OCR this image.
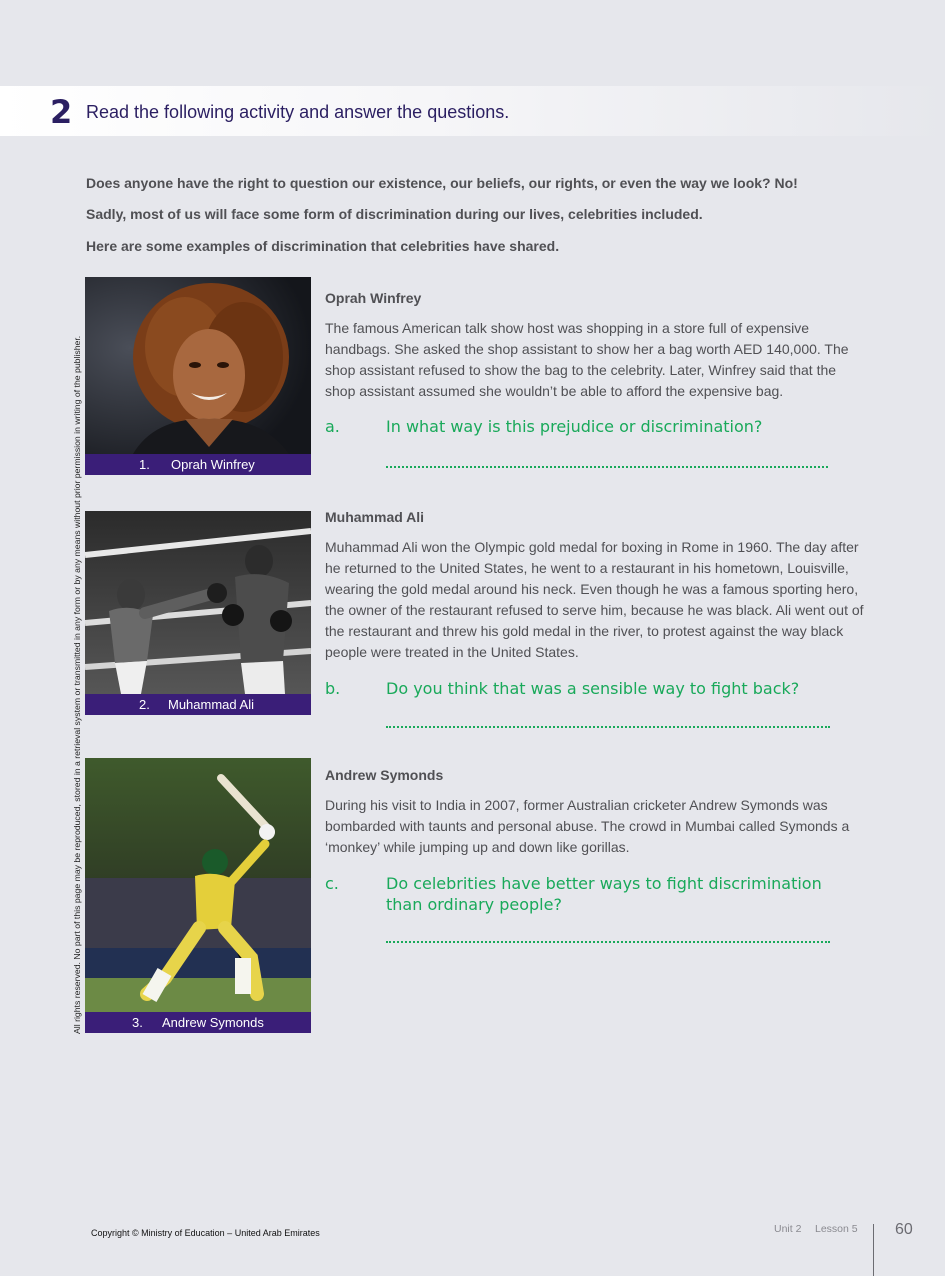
2 Read the following activity and answer the questions.
Does anyone have the right to question our existence, our beliefs, our rights, or even the way we look? No!
Sadly, most of us will face some form of discrimination during our lives, celebrities included.
Here are some examples of discrimination that celebrities have shared.
All rights reserved. No part of this page may be reproduced, stored in a retrieval system or transmitted in any form or by any means without prior permission in writing of the publisher.	1. Oprah Winfrey
Oprah Winfrey
The famous American talk show host was shopping in a store full of expensive handbags. She asked the shop assistant to show her a bag worth AED 140,000. The shop assistant refused to show the bag to the celebrity. Later, Winfrey said that the shop assistant assumed she wouldn’t be able to afford the expensive bag.
a.	In what way is this prejudice or discrimination?
2. Muhammad Ali
Muhammad Ali
Muhammad Ali won the Olympic gold medal for boxing in Rome in 1960. The day after he returned to the United States, he went to a restaurant in his hometown, Louisville, wearing the gold medal around his neck. Even though he was a famous sporting hero, the owner of the restaurant refused to serve him, because he was black. Ali went out of the restaurant and threw his gold medal in the river, to protest against the way black people were treated in the United States.
b.	Do you think that was a sensible way to fight back?
3. Andrew Symonds
Andrew Symonds
During his visit to India in 2007, former Australian cricketer Andrew Symonds was bombarded with taunts and personal abuse. The crowd in Mumbai called Symonds a ‘monkey’ while jumping up and down like gorillas.
c.	Do celebrities have better ways to fight discrimination than ordinary people?
Copyright © Ministry of Education – United Arab Emirates	Unit 2 Lesson 5 60
